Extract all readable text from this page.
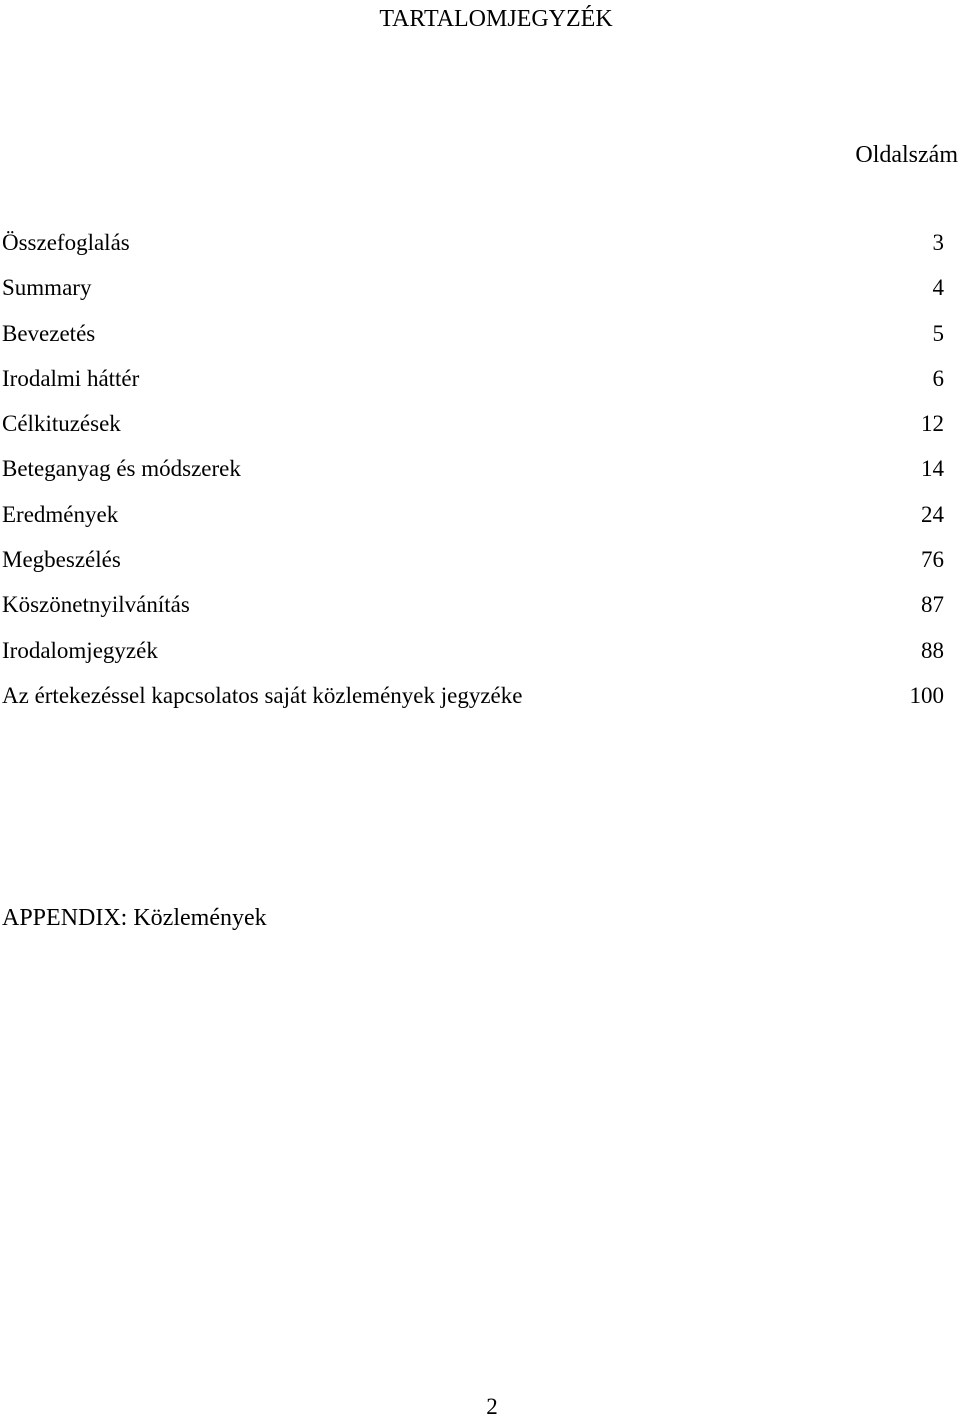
TARTALOMJEGYZÉK
Oldalszám
Összefoglalás	3
Summary	4
Bevezetés	5
Irodalmi háttér	6
Célkituzések	12
Beteganyag és módszerek	14
Eredmények	24
Megbeszélés	76
Köszönetnyilvánítás	87
Irodalomjegyzék	88
Az értekezéssel kapcsolatos saját közlemények jegyzéke	100
APPENDIX: Közlemények
2
